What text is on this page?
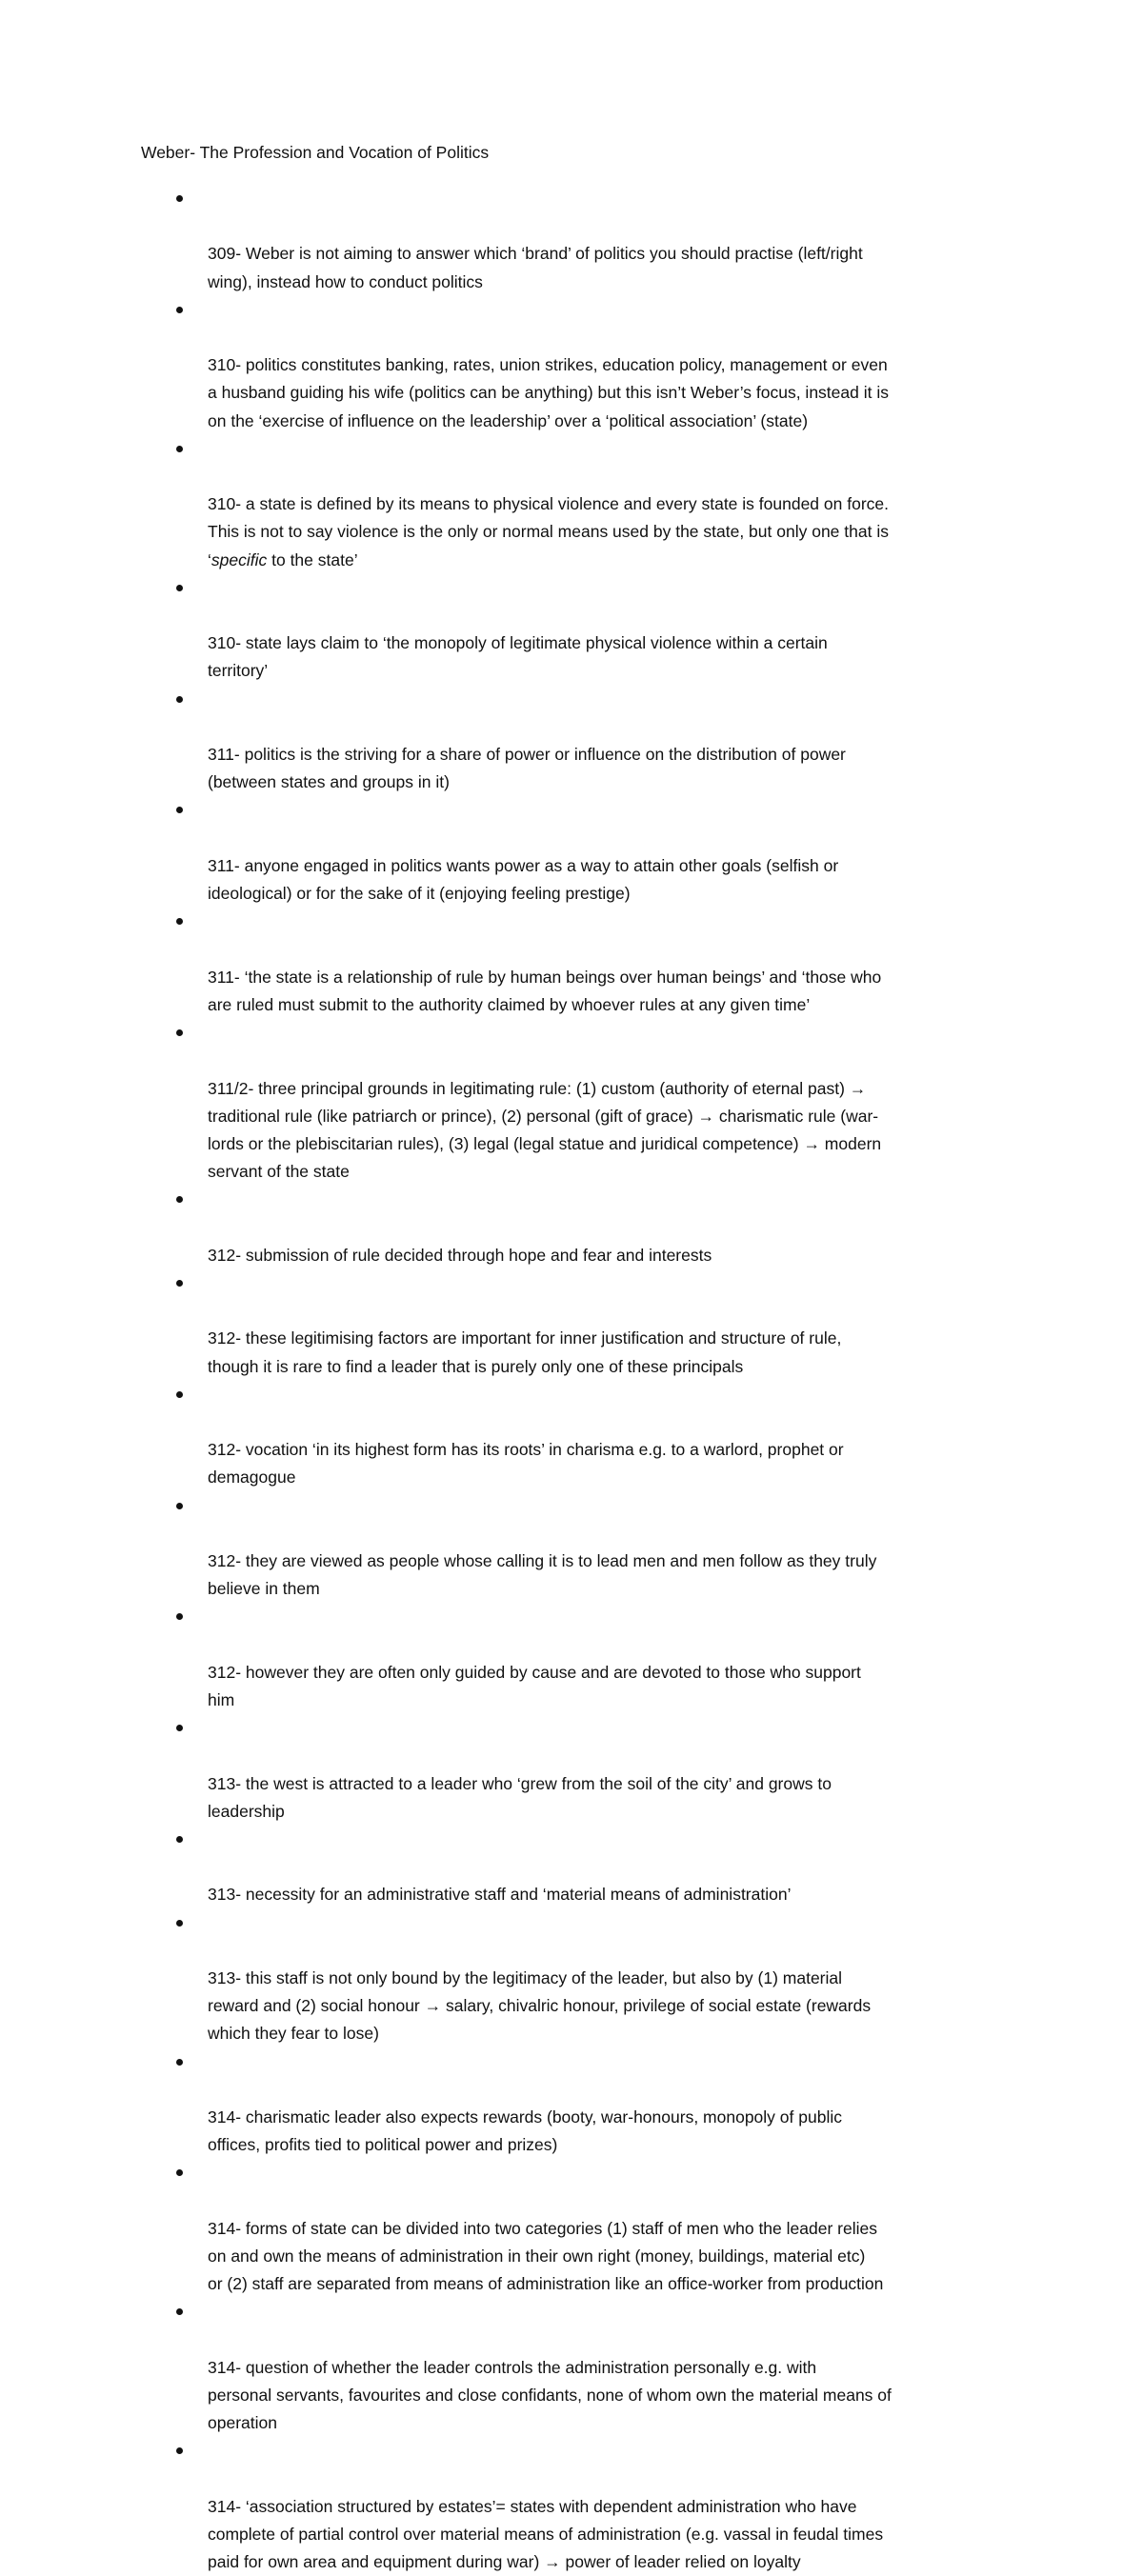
Weber- The Profession and Vocation of Politics

309- Weber is not aiming to answer which ‘brand’ of politics you should practise (left/right
wing), instead how to conduct politics

310- politics constitutes banking, rates, union strikes, education policy, management or even
a husband guiding his wife (politics can be anything) but this isn’t Weber’s focus, instead it is
on the ‘exercise of influence on the leadership’ over a ‘political association’ (state)

310- a state is defined by its means to physical violence and every state is founded on force.
This is not to say violence is the only or normal means used by the state, but only one that is
‘specific to the state’

310- state lays claim to ‘the monopoly of legitimate physical violence within a certain
territory’

311- politics is the striving for a share of power or influence on the distribution of power
(between states and groups in it)

311- anyone engaged in politics wants power as a way to attain other goals (selfish or
ideological) or for the sake of it (enjoying feeling prestige)

311- ‘the state is a relationship of rule by human beings over human beings’ and ‘those who
are ruled must submit to the authority claimed by whoever rules at any given time’

311/2- three principal grounds in legitimating rule: (1) custom (authority of eternal past) →
traditional rule (like patriarch or prince), (2) personal (gift of grace) → charismatic rule (war-
lords or the plebiscitarian rules), (3) legal (legal statue and juridical competence) → modern
servant of the state

312- submission of rule decided through hope and fear and interests

312- these legitimising factors are important for inner justification and structure of rule,
though it is rare to find a leader that is purely only one of these principals

312- vocation ‘in its highest form has its roots’ in charisma e.g. to a warlord, prophet or
demagogue

312- they are viewed as people whose calling it is to lead men and men follow as they truly
believe in them

312- however they are often only guided by cause and are devoted to those who support
him

313- the west is attracted to a leader who ‘grew from the soil of the city’ and grows to
leadership

313- necessity for an administrative staff and ‘material means of administration’

313- this staff is not only bound by the legitimacy of the leader, but also by (1) material
reward and (2) social honour → salary, chivalric honour, privilege of social estate (rewards
which they fear to lose)

314- charismatic leader also expects rewards (booty, war-honours, monopoly of public
offices, profits tied to political power and prizes)

314- forms of state can be divided into two categories (1) staff of men who the leader relies
on and own the means of administration in their own right (money, buildings, material etc)
or (2) staff are separated from means of administration like an office-worker from production

314- question of whether the leader controls the administration personally e.g. with
personal servants, favourites and close confidants, none of whom own the material means of
operation

314- ‘association structured by estates’= states with dependent administration who have
complete of partial control over material means of administration (e.g. vassal in feudal times
paid for own area and equipment during war) → power of leader relied on loyalty
